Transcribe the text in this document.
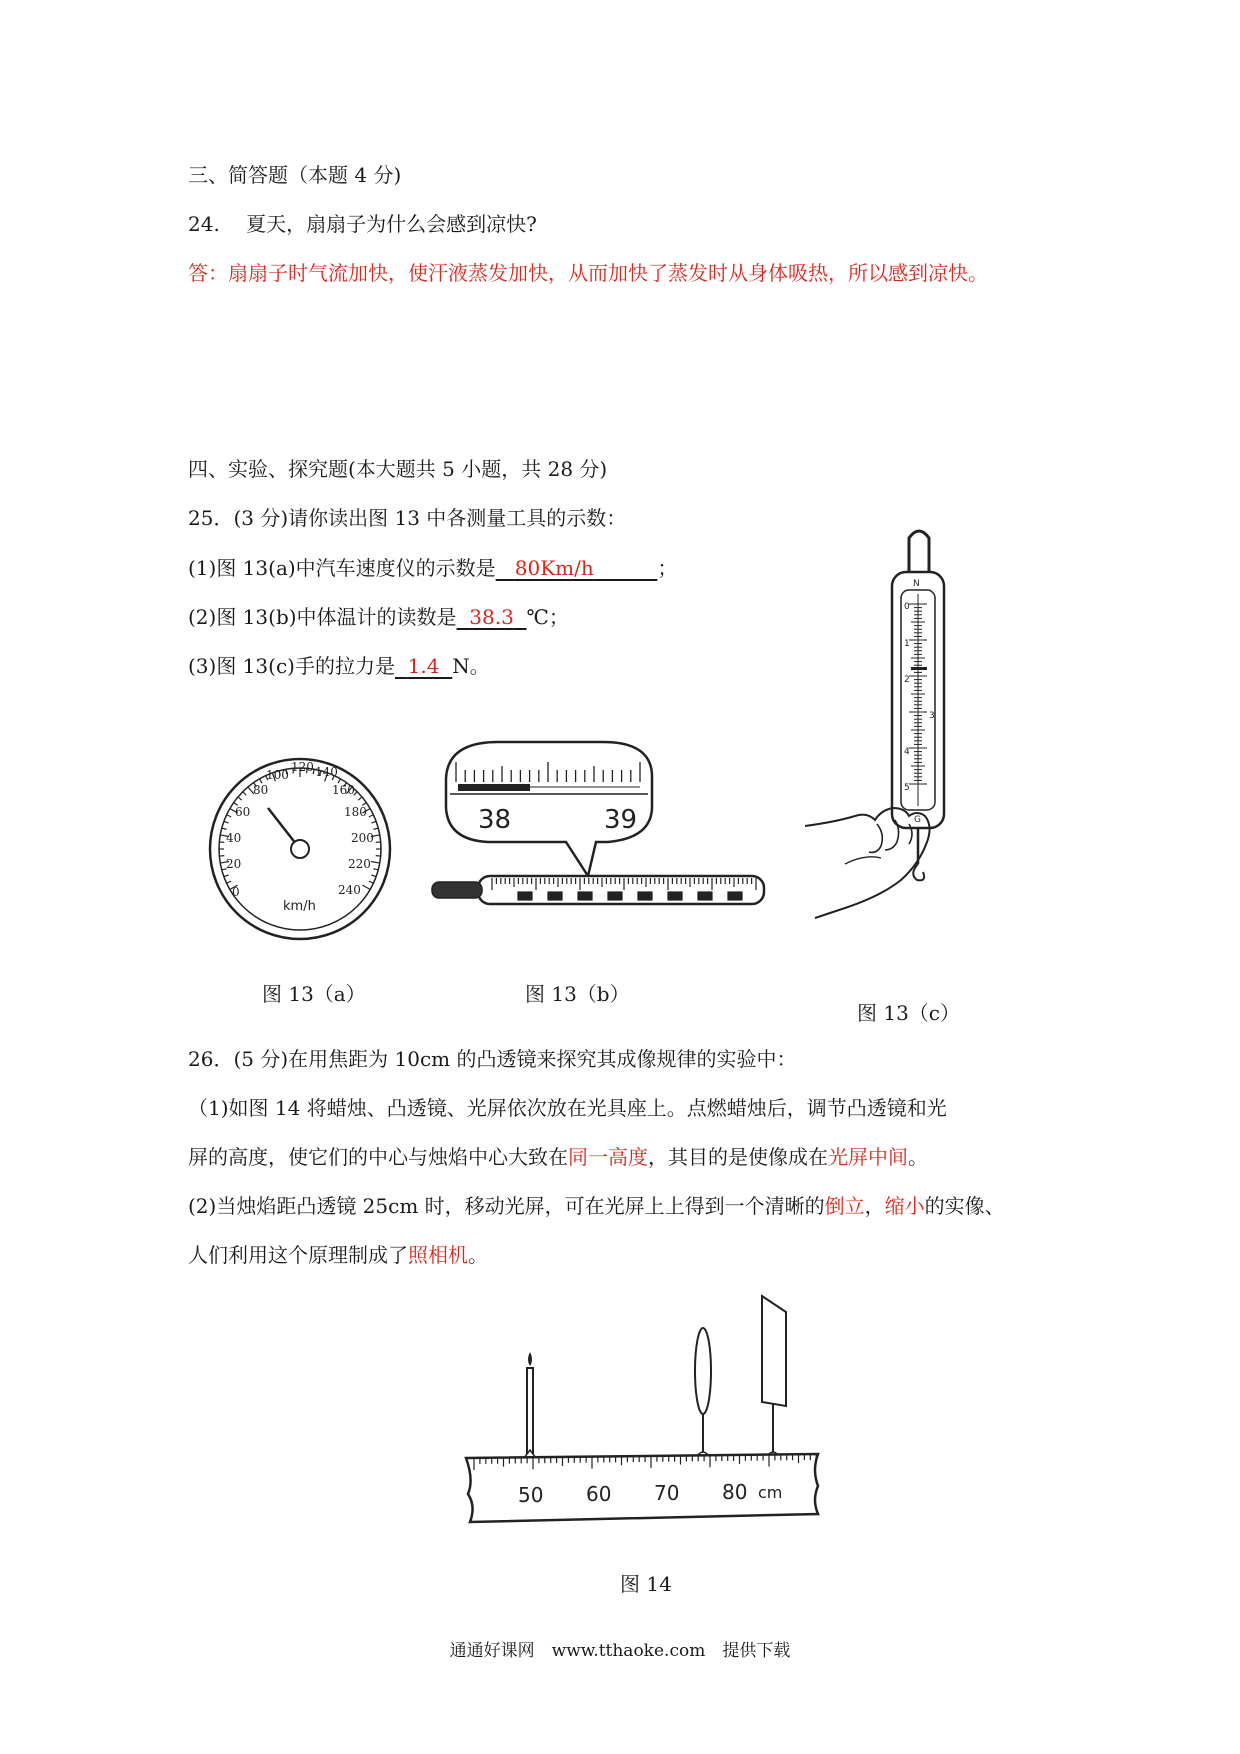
三、简答题（本题 4 分)
24.　 夏天，扇扇子为什么会感到凉快?
答：扇扇子时气流加快，使汗液蒸发加快，从而加快了蒸发时从身体吸热，所以感到凉快。
四、实验、探究题(本大题共 5 小题，共 28 分)
25．(3 分)请你读出图 13 中各测量工具的示数：
(1)图 13(a)中汽车速度仪的示数是 80Km/h	；
(2)图 13(b)中体温计的读数是 38.3 ℃；
(3)图 13(c)手的拉力是 1.4 N。
0
20
40
60
80
100
120 140
160
180
200
220
240
km/h
图 13（a）
38	39
图 13（b）
N
0
1
2
3
4
5
G
图 13（c）
26．(5 分)在用焦距为 10cm 的凸透镜来探究其成像规律的实验中：
（1)如图 14 将蜡烛、凸透镜、光屏依次放在光具座上。点燃蜡烛后，调节凸透镜和光
屏的高度，使它们的中心与烛焰中心大致在同一高度，其目的是使像成在光屏中间。
(2)当烛焰距凸透镜 25cm 时，移动光屏，可在光屏上上得到一个清晰的倒立，缩小的实像、
人们利用这个原理制成了照相机。
50 60 70 80 cm
图 14
通通好课网　www.tthaoke.com　提供下载
